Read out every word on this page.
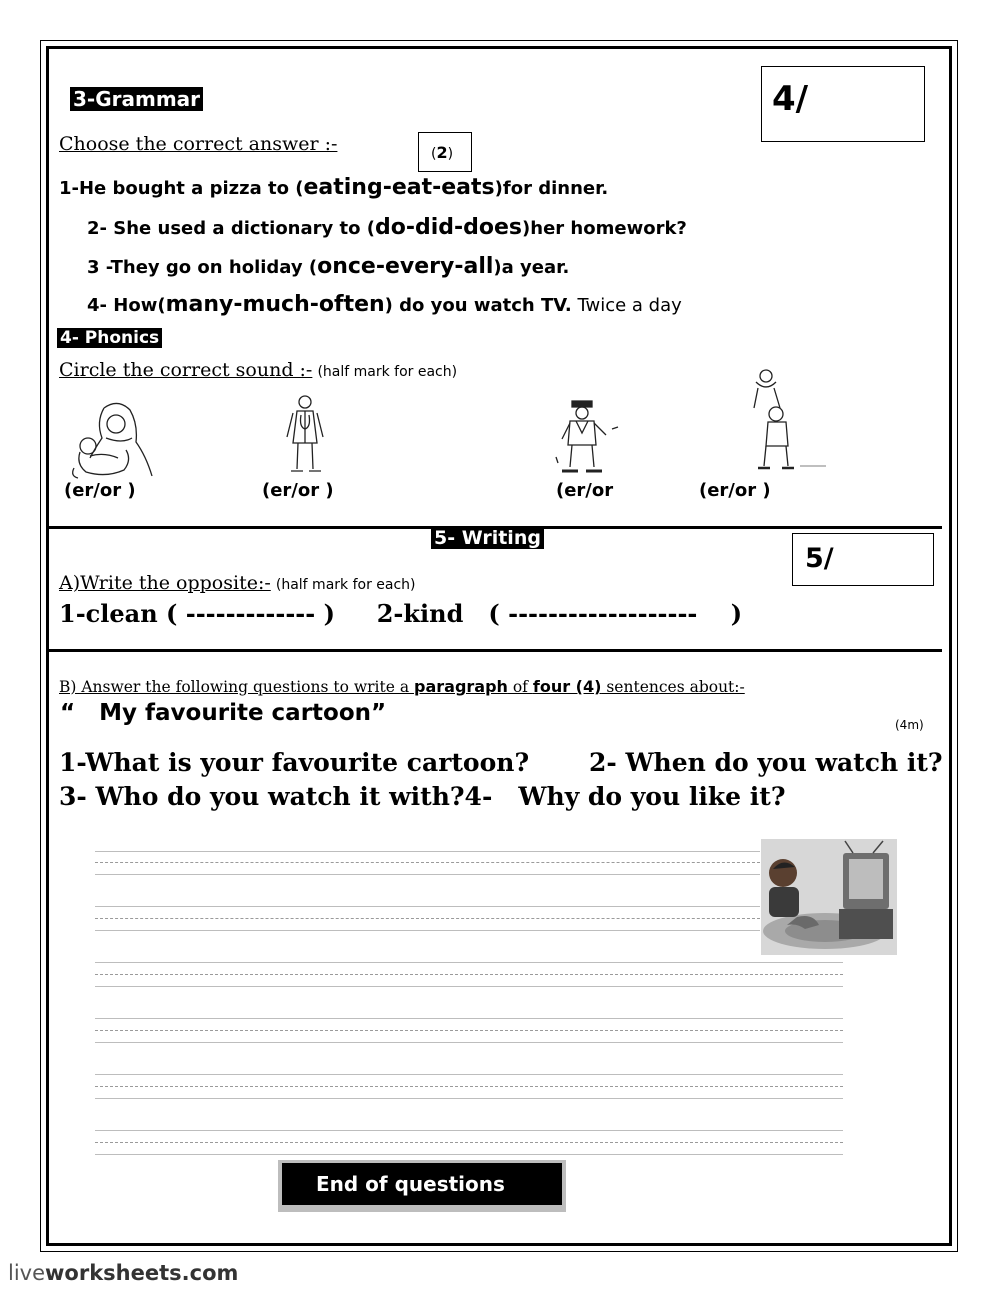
3-Grammar	4/
Choose the correct answer :-	(2)
1-He bought a pizza to (eating-eat-eats)for dinner.
2- She used a dictionary to (do-did-does)her homework?
3 -They go on holiday (once-every-all)a year.
4- How(many-much-often) do you watch TV. Twice a day
4- Phonics
Circle the correct sound :- (half mark for each)
(er/or )	(er/or )	(er/or	(er/or )
5- Writing
5/
A)Write the opposite:- (half mark for each)
1-clean ( ------------- )     2-kind   ( -------------------    )
B) Answer the following questions to write a paragraph of four (4) sentences about:-
“   My favourite cartoon”	(4m)
1-What is your favourite cartoon? 2- When do you watch it?
3- Who do you watch it with?4-   Why do you like it?
End of questions
liveworksheets.com
